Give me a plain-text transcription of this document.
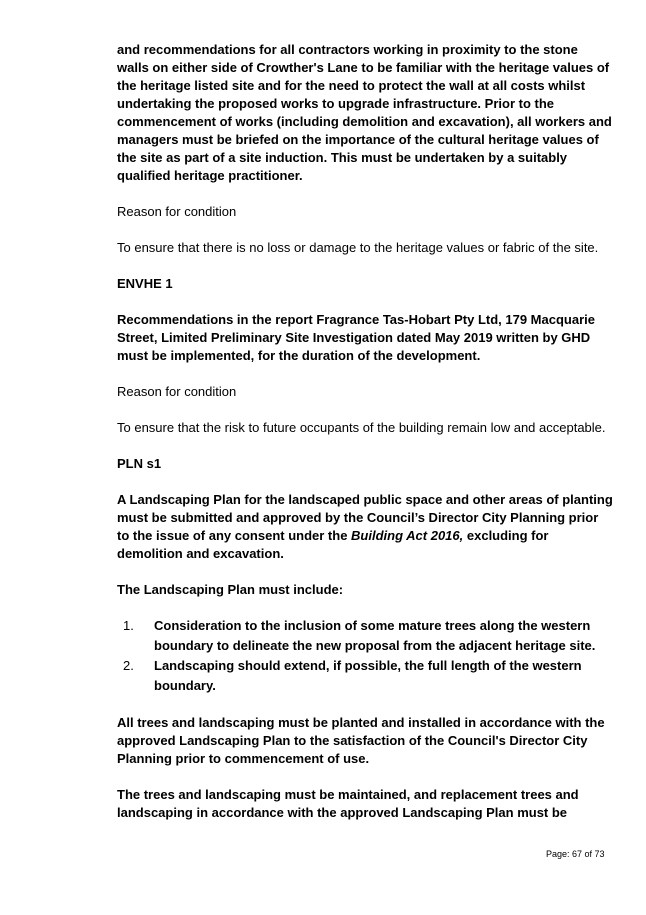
and recommendations for all contractors working in proximity to the stone walls on either side of Crowther's Lane to be familiar with the heritage values of the heritage listed site and for the need to protect the wall at all costs whilst undertaking the proposed works to upgrade infrastructure. Prior to the commencement of works (including demolition and excavation), all workers and managers must be briefed on the importance of the cultural heritage values of the site as part of a site induction. This must be undertaken by a suitably qualified heritage practitioner.

Reason for condition

To ensure that there is no loss or damage to the heritage values or fabric of the site.

ENVHE 1

Recommendations in the report Fragrance Tas-Hobart Pty Ltd, 179 Macquarie Street, Limited Preliminary Site Investigation dated May 2019 written by GHD must be implemented, for the duration of the development.

Reason for condition

To ensure that the risk to future occupants of the building remain low and acceptable.

PLN s1

A Landscaping Plan for the landscaped public space and other areas of planting must be submitted and approved by the Council’s Director City Planning prior to the issue of any consent under the Building Act 2016, excluding for demolition and excavation.

The Landscaping Plan must include:

1. Consideration to the inclusion of some mature trees along the western boundary to delineate the new proposal from the adjacent heritage site.
2. Landscaping should extend, if possible, the full length of the western boundary.

All trees and landscaping must be planted and installed in accordance with the approved Landscaping Plan to the satisfaction of the Council's Director City Planning prior to commencement of use.

The trees and landscaping must be maintained, and replacement trees and landscaping in accordance with the approved Landscaping Plan must be

Page: 67 of 73
